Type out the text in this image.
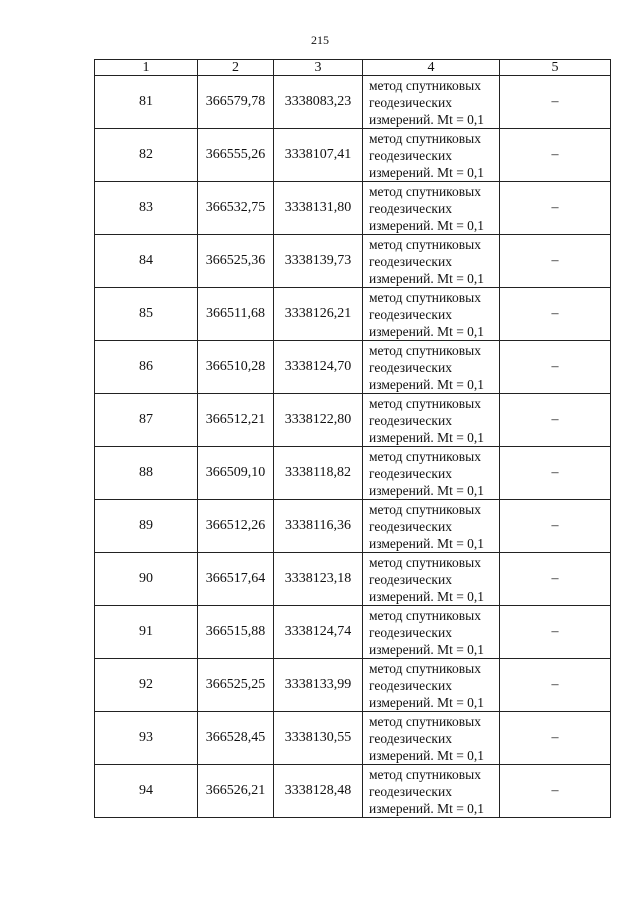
215
1	2	3	4	5
81	366579,78	3338083,23	метод спутниковых геодезических измерений. Mt = 0,1	–
82	366555,26	3338107,41	метод спутниковых геодезических измерений. Mt = 0,1	–
83	366532,75	3338131,80	метод спутниковых геодезических измерений. Mt = 0,1	–
84	366525,36	3338139,73	метод спутниковых геодезических измерений. Mt = 0,1	–
85	366511,68	3338126,21	метод спутниковых геодезических измерений. Mt = 0,1	–
86	366510,28	3338124,70	метод спутниковых геодезических измерений. Mt = 0,1	–
87	366512,21	3338122,80	метод спутниковых геодезических измерений. Mt = 0,1	–
88	366509,10	3338118,82	метод спутниковых геодезических измерений. Mt = 0,1	–
89	366512,26	3338116,36	метод спутниковых геодезических измерений. Mt = 0,1	–
90	366517,64	3338123,18	метод спутниковых геодезических измерений. Mt = 0,1	–
91	366515,88	3338124,74	метод спутниковых геодезических измерений. Mt = 0,1	–
92	366525,25	3338133,99	метод спутниковых геодезических измерений. Mt = 0,1	–
93	366528,45	3338130,55	метод спутниковых геодезических измерений. Mt = 0,1	–
94	366526,21	3338128,48	метод спутниковых геодезических измерений. Mt = 0,1	–
